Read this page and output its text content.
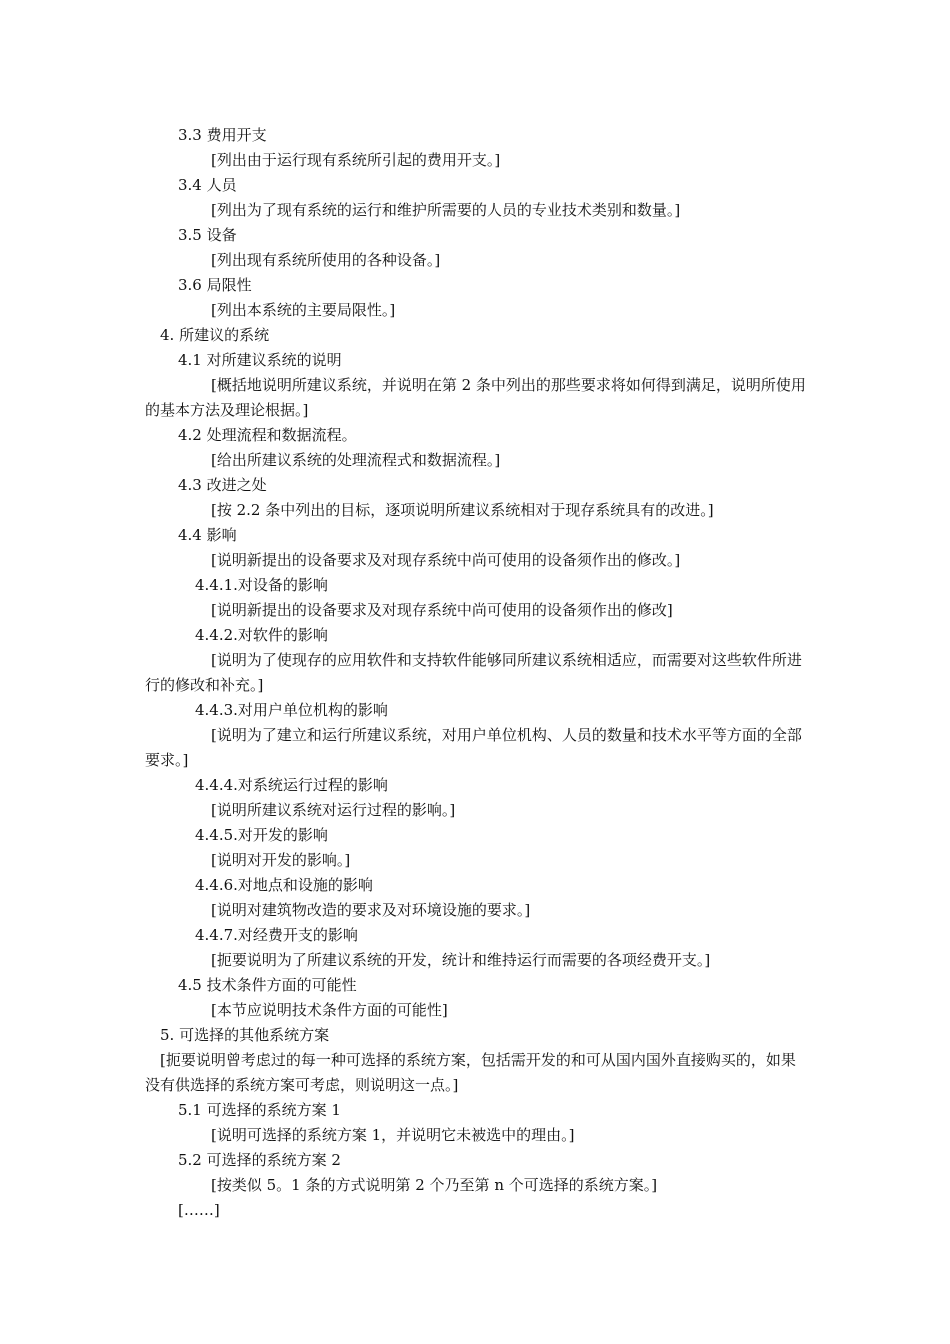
3.3 费用开支
[列出由于运行现有系统所引起的费用开支。]
3.4 人员
[列出为了现有系统的运行和维护所需要的人员的专业技术类别和数量。]
3.5 设备
[列出现有系统所使用的各种设备。]
3.6 局限性
[列出本系统的主要局限性。]
4. 所建议的系统
4.1 对所建议系统的说明
[概括地说明所建议系统，并说明在第 2 条中列出的那些要求将如何得到满足，说明所使用的基本方法及理论根据。]
4.2 处理流程和数据流程。
[给出所建议系统的处理流程式和数据流程。]
4.3 改进之处
[按 2.2 条中列出的目标，逐项说明所建议系统相对于现存系统具有的改进。]
4.4 影响
[说明新提出的设备要求及对现存系统中尚可使用的设备须作出的修改。]
4.4.1.对设备的影响
[说明新提出的设备要求及对现存系统中尚可使用的设备须作出的修改]
4.4.2.对软件的影响
[说明为了使现存的应用软件和支持软件能够同所建议系统相适应，而需要对这些软件所进行的修改和补充。]
4.4.3.对用户单位机构的影响
[说明为了建立和运行所建议系统，对用户单位机构、人员的数量和技术水平等方面的全部要求。]
4.4.4.对系统运行过程的影响
[说明所建议系统对运行过程的影响。]
4.4.5.对开发的影响
[说明对开发的影响。]
4.4.6.对地点和设施的影响
[说明对建筑物改造的要求及对环境设施的要求。]
4.4.7.对经费开支的影响
[扼要说明为了所建议系统的开发，统计和维持运行而需要的各项经费开支。]
4.5 技术条件方面的可能性
[本节应说明技术条件方面的可能性]
5. 可选择的其他系统方案
[扼要说明曾考虑过的每一种可选择的系统方案，包括需开发的和可从国内国外直接购买的，如果没有供选择的系统方案可考虑，则说明这一点。]
5.1 可选择的系统方案 1
[说明可选择的系统方案 1，并说明它未被选中的理由。]
5.2 可选择的系统方案 2
[按类似 5。1 条的方式说明第 2 个乃至第 n 个可选择的系统方案。]
[……]
